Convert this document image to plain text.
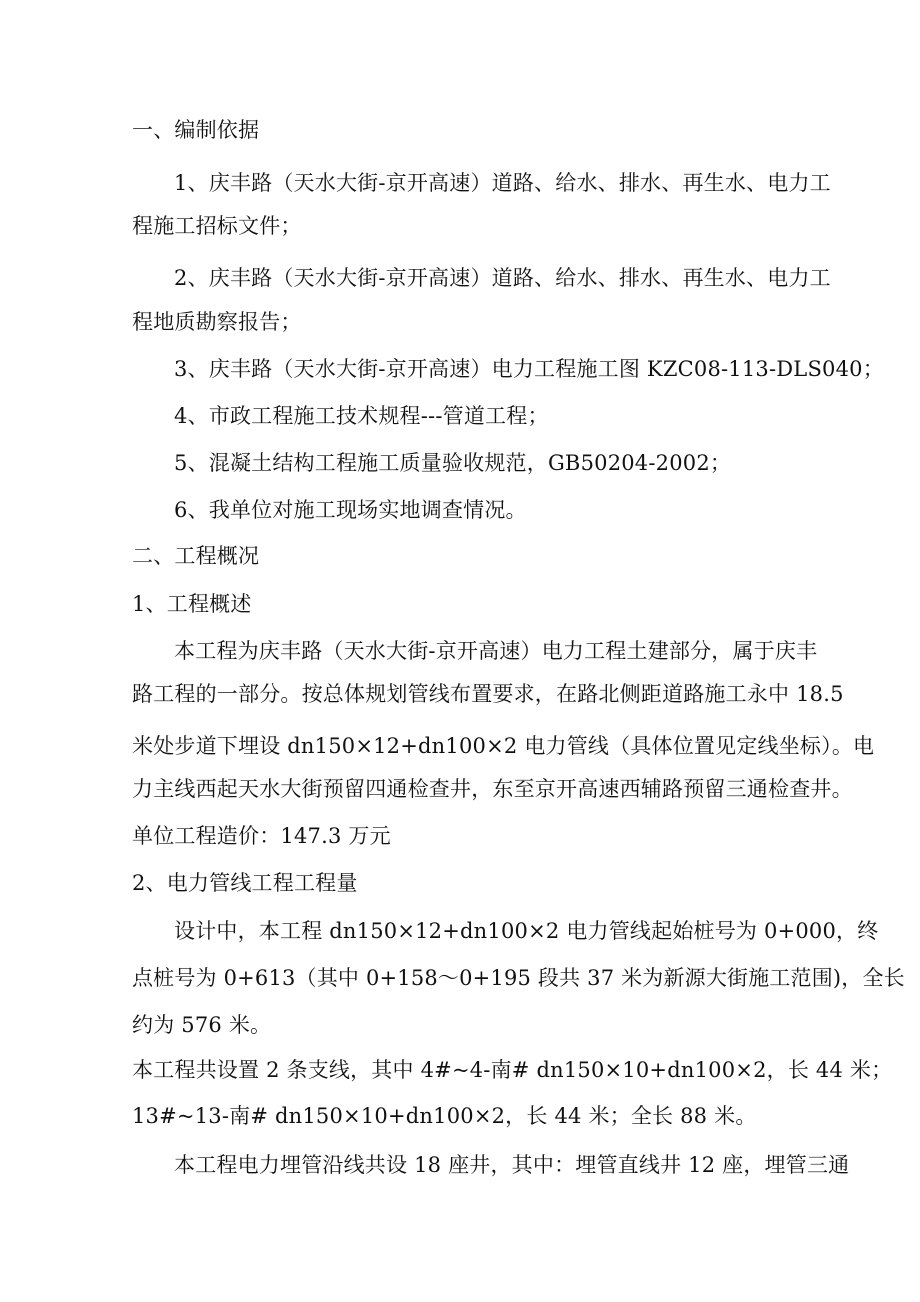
一、编制依据
1、庆丰路（天水大街-京开高速）道路、给水、排水、再生水、电力工
程施工招标文件；
2、庆丰路（天水大街-京开高速）道路、给水、排水、再生水、电力工
程地质勘察报告；
3、庆丰路（天水大街-京开高速）电力工程施工图 KZC08-113-DLS040；
4、市政工程施工技术规程---管道工程；
5、混凝土结构工程施工质量验收规范，GB50204-2002；
6、我单位对施工现场实地调查情况。
二、工程概况
1、工程概述
本工程为庆丰路（天水大街-京开高速）电力工程土建部分，属于庆丰
路工程的一部分。按总体规划管线布置要求，在路北侧距道路施工永中 18.5
米处步道下埋设 dn150×12+dn100×2 电力管线（具体位置见定线坐标）。电
力主线西起天水大街预留四通检查井，东至京开高速西辅路预留三通检查井。
单位工程造价：147.3 万元
2、电力管线工程工程量
设计中，本工程 dn150×12+dn100×2 电力管线起始桩号为 0+000，终
点桩号为 0+613（其中 0+158～0+195 段共 37 米为新源大街施工范围)，全长
约为 576 米。
本工程共设置 2 条支线，其中 4#~4-南# dn150×10+dn100×2，长 44 米；
13#~13-南# dn150×10+dn100×2，长 44 米；全长 88 米。
本工程电力埋管沿线共设 18 座井，其中：埋管直线井 12 座，埋管三通
